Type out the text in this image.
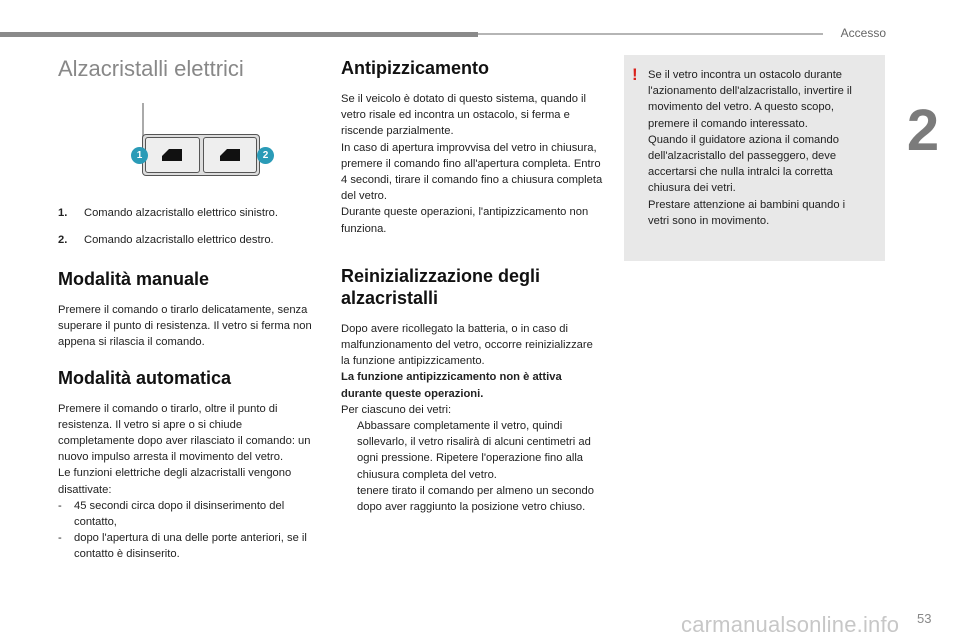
Accesso
2
Alzacristalli elettrici
1	2
1.	Comando alzacristallo elettrico sinistro.
2.	Comando alzacristallo elettrico destro.
Modalità manuale

Premere il comando o tirarlo delicatamente, senza superare il punto di resistenza. Il vetro si ferma non appena si rilascia il comando.

Modalità automatica

Premere il comando o tirarlo, oltre il punto di resistenza. Il vetro si apre o si chiude completamente dopo aver rilasciato il comando: un nuovo impulso arresta il movimento del vetro.

Le funzioni elettriche degli alzacristalli vengono disattivate:

-	45 secondi circa dopo il disinserimento del contatto,
-	dopo l'apertura di una delle porte anteriori, se il contatto è disinserito.
Antipizzicamento

Se il veicolo è dotato di questo sistema, quando il vetro risale ed incontra un ostacolo, si ferma e riscende parzialmente.

In caso di apertura improvvisa del vetro in chiusura, premere il comando fino all'apertura completa. Entro 4 secondi, tirare il comando fino a chiusura completa del vetro.

Durante queste operazioni, l'antipizzicamento non funziona.

Reinizializzazione degli alzacristalli

Dopo avere ricollegato la batteria, o in caso di malfunzionamento del vetro, occorre reinizializzare la funzione antipizzicamento.

La funzione antipizzicamento non è attiva durante queste operazioni.

Per ciascuno dei vetri:

Abbassare completamente il vetro, quindi sollevarlo, il vetro risalirà di alcuni centimetri ad ogni pressione. Ripetere l'operazione fino alla chiusura completa del vetro.
tenere tirato il comando per almeno un secondo dopo aver raggiunto la posizione vetro chiuso.
! Se il vetro incontra un ostacolo durante l'azionamento dell'alzacristallo, invertire il movimento del vetro. A questo scopo, premere il comando interessato.

Quando il guidatore aziona il comando dell'alzacristallo del passeggero, deve accertarsi che nulla intralci la corretta chiusura dei vetri.

Prestare attenzione ai bambini quando i vetri sono in movimento.

carmanualsonline.info 53
